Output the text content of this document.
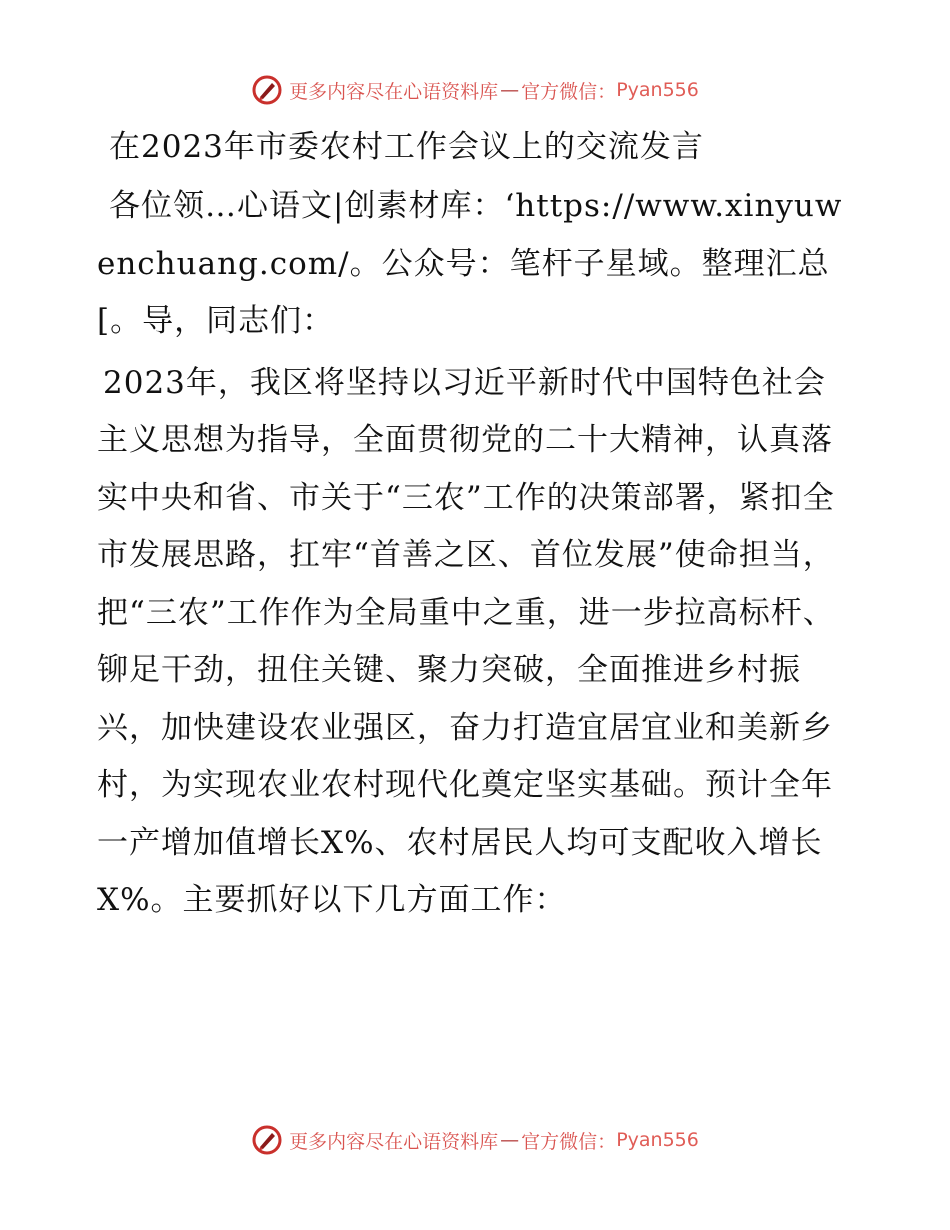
更多内容尽在心语资料库 — 官方微信： Pyan556
在2023年市委农村工作会议上的交流发言

各位领…心语文|创素材库：‘https://www.xinyuwenchuang.com/。公众号：笔杆子星域。整理汇总[。导，同志们：

2023年，我区将坚持以习近平新时代中国特色社会主义思想为指导，全面贯彻党的二十大精神，认真落实中央和省、市关于“三农”工作的决策部署，紧扣全市发展思路，扛牢“首善之区、首位发展”使命担当，把“三农”工作作为全局重中之重，进一步拉高标杆、铆足干劲，扭住关键、聚力突破，全面推进乡村振兴，加快建设农业强区，奋力打造宜居宜业和美新乡村，为实现农业农村现代化奠定坚实基础。预计全年一产增加值增长X%、农村居民人均可支配收入增长X%。主要抓好以下几方面工作：

更多内容尽在心语资料库 — 官方微信： Pyan556
